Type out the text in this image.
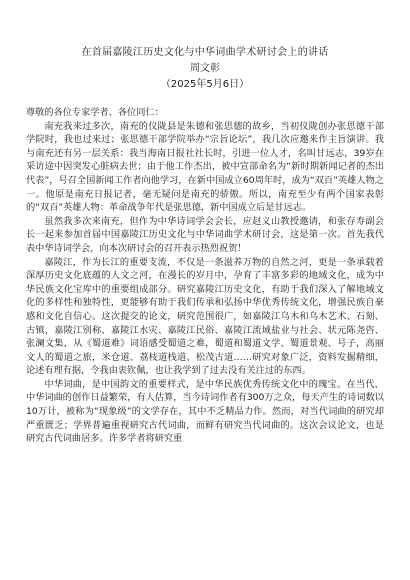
在首届嘉陵江历史文化与中华词曲学术研讨会上的讲话
周文彰
（2025年5月6日）
尊敬的各位专家学者、各位同仁：

南充我来过多次，南充的仪陇县是朱德和张思德的故乡，当初仪陇创办张思德干部学院时，我也过来过；张思德干部学院举办“宗旨论坛”，我几次应邀来作主旨演讲。我与南充还有另一层关系：我当海南日报社社长时，引进一位人才，名叫甘远志，39岁在采访途中因突发心脏病去世；由于他工作杰出，被中宣部命名为“新时期新闻记者的杰出代表”，号召全国新闻工作者向他学习，在新中国成立60周年时，成为“双百”英雄人物之一。他原是南充日报记者，毫无疑问是南充的骄傲。所以，南充至少有两个国家表彰的“双百”英雄人物：革命战争年代是张思德，新中国成立后是甘远志。

虽然我多次来南充，但作为中华诗词学会会长，应赵义山教授邀请，和张存寿副会长一起来参加首届中国嘉陵江历史文化与中华词曲学术研讨会，这是第一次。首先我代表中华诗词学会，向本次研讨会的召开表示热烈祝贺！

嘉陵江，作为长江的重要支流，不仅是一条滋养万物的自然之河，更是一条承载着深厚历史文化底蕴的人文之河，在漫长的岁月中，孕育了丰富多彩的地域文化，成为中华民族文化宝库中的重要组成部分。研究嘉陵江历史文化，有助于我们深入了解地域文化的多样性和独特性，更能够有助于我们传承和弘扬中华优秀传统文化，增强民族自豪感和文化自信心。这次提交的论文，研究范围很广，如嘉陵江乌木和乌木艺术、石刻、古镇，嘉陵江别称、嘉陵江水灾、嘉陵江民俗、嘉陵江流域盐业与社会、状元陈尧咨、张澜文集，从《蜀道难》词语感受蜀道之难，蜀道和蜀道文学、蜀道景观、号子，高丽文人的蜀道之旅，米仓道、荔枝道栈道、松茂古道……研究对象广泛，资料发掘精细，论述有理有据，令我由衷钦佩，也让我学到了过去没有关注过的东西。

中华词曲，是中国韵文的重要样式，是中华民族优秀传统文化中的瑰宝。在当代，中华词曲的创作日益繁荣，有人估算，当今诗词作者有300万之众，每天产生的诗词数以10万计，被称为“现象级”的文学存在，其中不乏精品力作。然而，对当代词曲的研究却严重匮乏；学界普遍重视研究古代词曲，而鲜有研究当代词曲的。这次会议论文，也是研究古代词曲居多。许多学者将研究重
